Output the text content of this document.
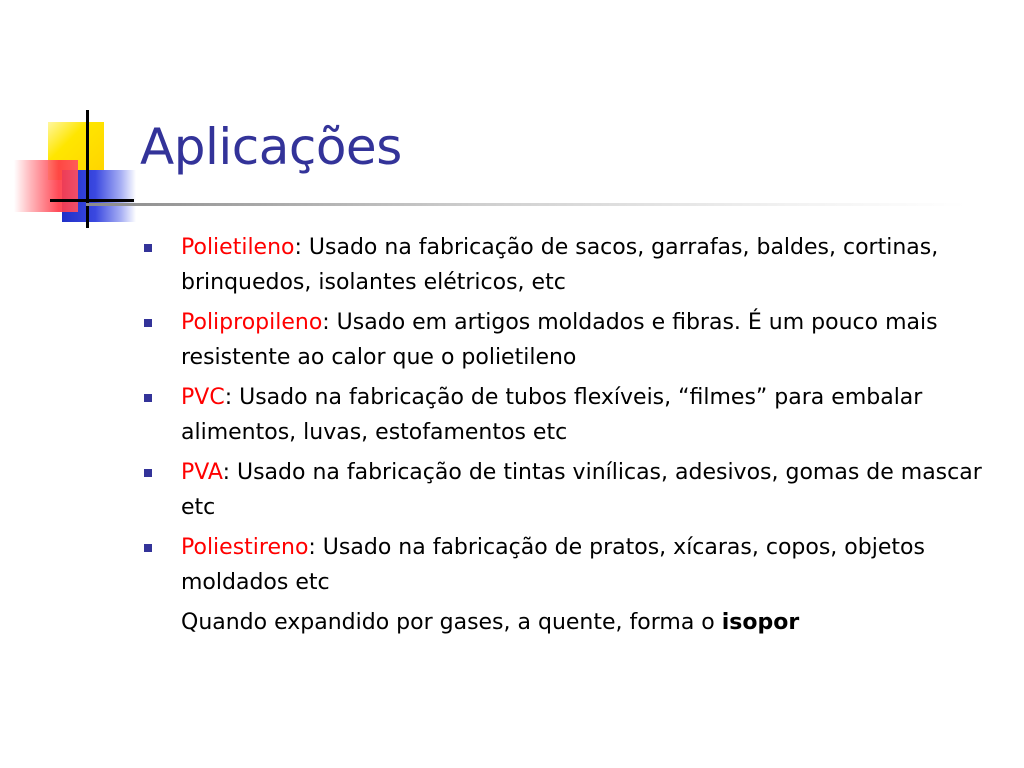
Aplicações
Polietileno: Usado na fabricação de sacos, garrafas, baldes, cortinas, brinquedos, isolantes elétricos, etc
Polipropileno: Usado em artigos moldados e fibras. É um pouco mais resistente ao calor que o polietileno
PVC: Usado na fabricação de tubos flexíveis, “filmes” para embalar alimentos, luvas, estofamentos etc
PVA: Usado na fabricação de tintas vinílicas, adesivos, gomas de mascar etc
Poliestireno: Usado na fabricação de pratos, xícaras, copos, objetos moldados etc
Quando expandido por gases, a quente, forma o isopor
